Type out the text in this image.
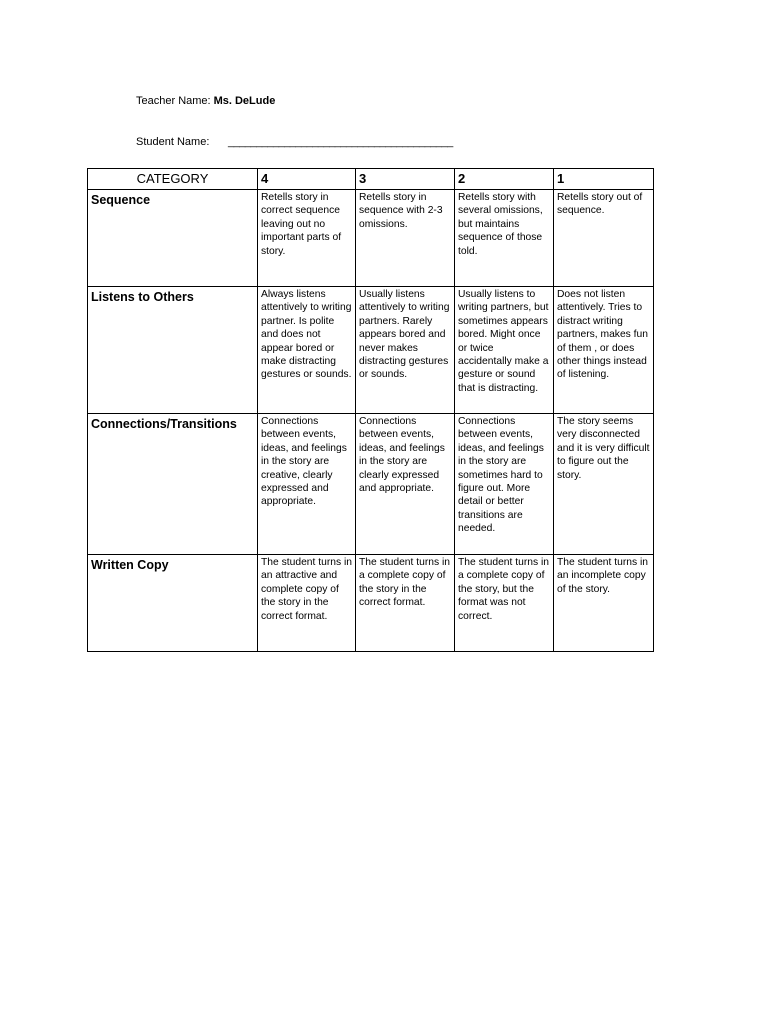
Teacher Name: Ms. DeLude
Student Name: ________________________________________
CATEGORY	4	3	2	1
Sequence	Retells story in correct sequence leaving out no important parts of story.	Retells story in sequence with 2-3 omissions.	Retells story with several omissions, but maintains sequence of those told.	Retells story out of sequence.
Listens to Others	Always listens attentively to writing partner. Is polite and does not appear bored or make distracting gestures or sounds.	Usually listens attentively to writing partners. Rarely appears bored and never makes distracting gestures or sounds.	Usually listens to writing partners, but sometimes appears bored. Might once or twice accidentally make a gesture or sound that is distracting.	Does not listen attentively. Tries to distract writing partners, makes fun of them , or does other things instead of listening.
Connections/Transitions	Connections between events, ideas, and feelings in the story are creative, clearly expressed and appropriate.	Connections between events, ideas, and feelings in the story are clearly expressed and appropriate.	Connections between events, ideas, and feelings in the story are sometimes hard to figure out. More detail or better transitions are needed.	The story seems very disconnected and it is very difficult to figure out the story.
Written Copy	The student turns in an attractive and complete copy of the story in the correct format.	The student turns in a complete copy of the story in the correct format.	The student turns in a complete copy of the story, but the format was not correct.	The student turns in an incomplete copy of the story.
